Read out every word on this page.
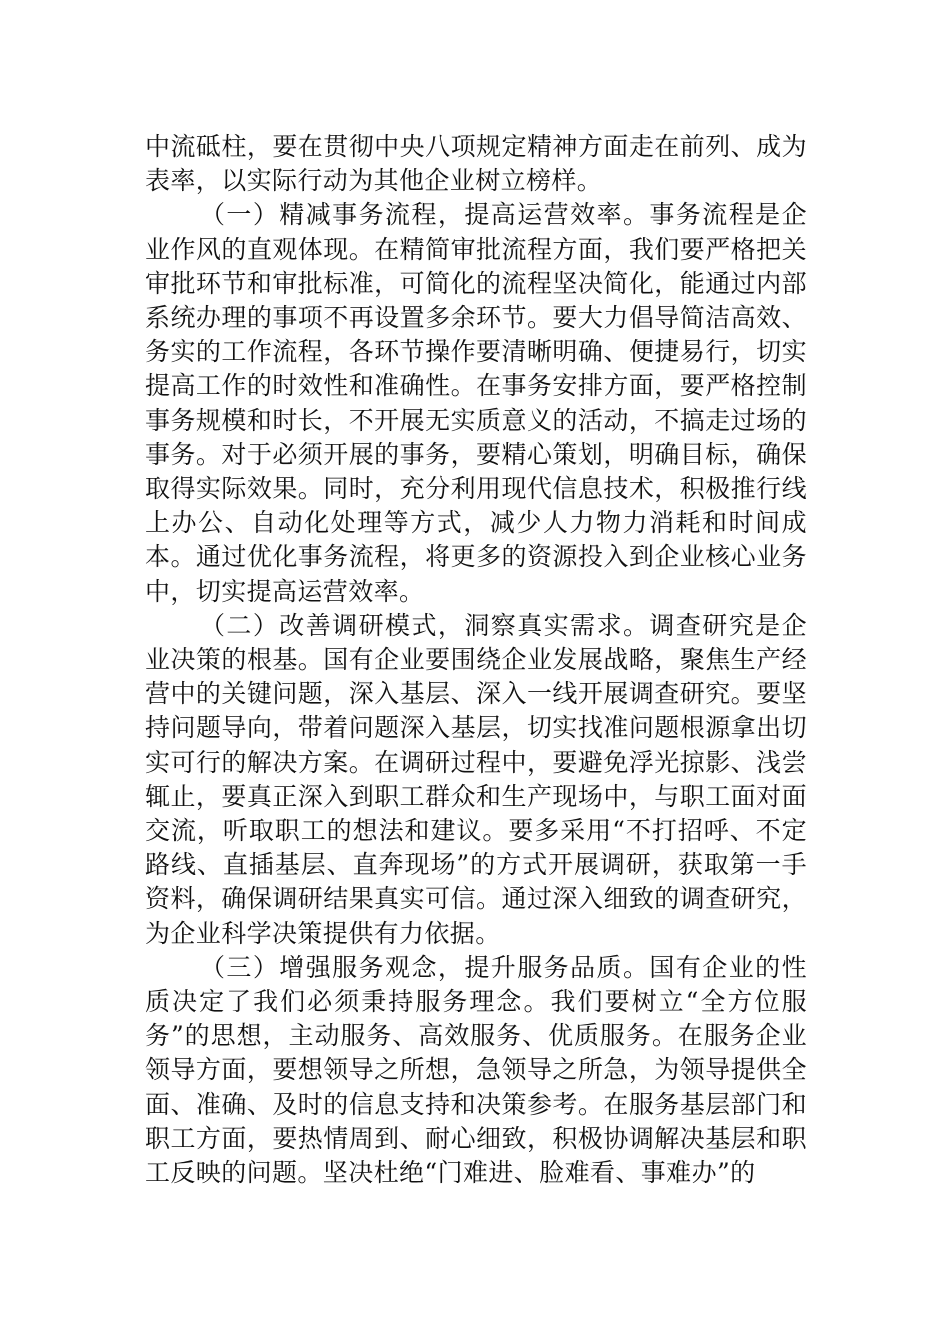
中流砥柱，要在贯彻中央八项规定精神方面走在前列、成为表率，以实际行动为其他企业树立榜样。

（一）精减事务流程，提高运营效率。事务流程是企业作风的直观体现。在精简审批流程方面，我们要严格把关审批环节和审批标准，可简化的流程坚决简化，能通过内部系统办理的事项不再设置多余环节。要大力倡导简洁高效、务实的工作流程，各环节操作要清晰明确、便捷易行，切实提高工作的时效性和准确性。在事务安排方面，要严格控制事务规模和时长，不开展无实质意义的活动，不搞走过场的事务。对于必须开展的事务，要精心策划，明确目标，确保取得实际效果。同时，充分利用现代信息技术，积极推行线上办公、自动化处理等方式，减少人力物力消耗和时间成本。通过优化事务流程，将更多的资源投入到企业核心业务中，切实提高运营效率。

（二）改善调研模式，洞察真实需求。调查研究是企业决策的根基。国有企业要围绕企业发展战略，聚焦生产经营中的关键问题，深入基层、深入一线开展调查研究。要坚持问题导向，带着问题深入基层，切实找准问题根源拿出切实可行的解决方案。在调研过程中，要避免浮光掠影、浅尝辄止，要真正深入到职工群众和生产现场中，与职工面对面交流，听取职工的想法和建议。要多采用“不打招呼、不定路线、直插基层、直奔现场”的方式开展调研，获取第一手资料，确保调研结果真实可信。通过深入细致的调查研究，为企业科学决策提供有力依据。

（三）增强服务观念，提升服务品质。国有企业的性质决定了我们必须秉持服务理念。我们要树立“全方位服务”的思想，主动服务、高效服务、优质服务。在服务企业领导方面，要想领导之所想，急领导之所急，为领导提供全面、准确、及时的信息支持和决策参考。在服务基层部门和职工方面，要热情周到、耐心细致，积极协调解决基层和职工反映的问题。坚决杜绝“门难进、脸难看、事难办”的
